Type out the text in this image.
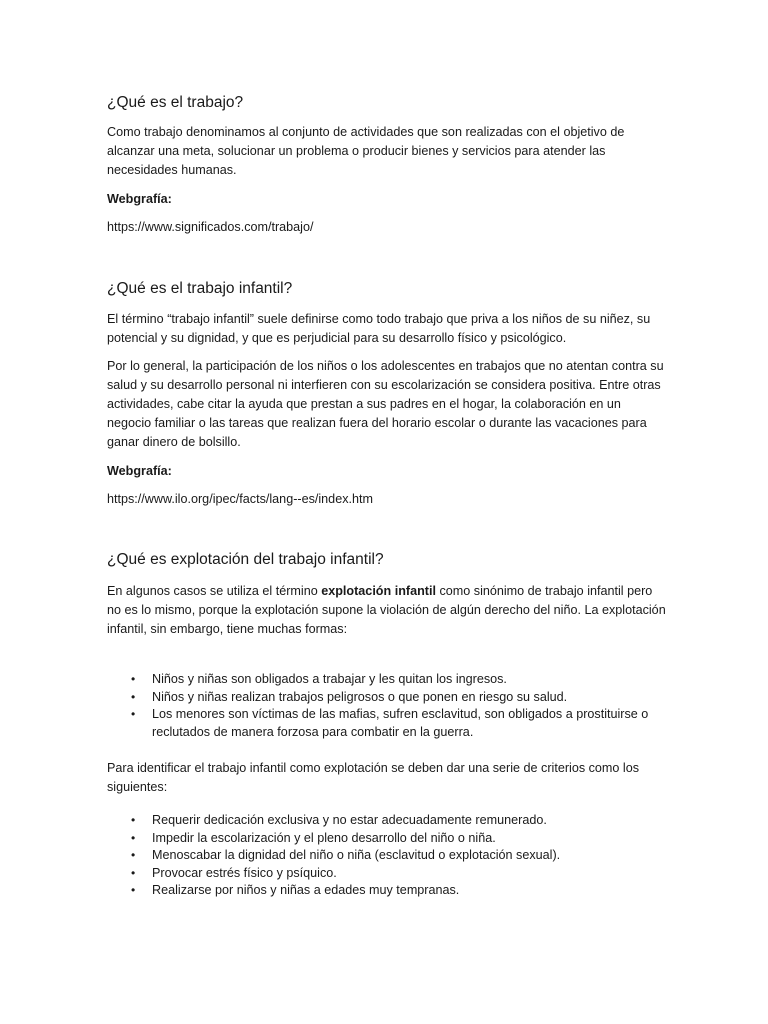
¿Qué es el trabajo?

Como trabajo denominamos al conjunto de actividades que son realizadas con el objetivo de alcanzar una meta, solucionar un problema o producir bienes y servicios para atender las necesidades humanas.

Webgrafía:

https://www.significados.com/trabajo/
¿Qué es el trabajo infantil?

El término “trabajo infantil” suele definirse como todo trabajo que priva a los niños de su niñez, su potencial y su dignidad, y que es perjudicial para su desarrollo físico y psicológico.

Por lo general, la participación de los niños o los adolescentes en trabajos que no atentan contra su salud y su desarrollo personal ni interfieren con su escolarización se considera positiva. Entre otras actividades, cabe citar la ayuda que prestan a sus padres en el hogar, la colaboración en un negocio familiar o las tareas que realizan fuera del horario escolar o durante las vacaciones para ganar dinero de bolsillo.

Webgrafía:

https://www.ilo.org/ipec/facts/lang--es/index.htm
¿Qué es explotación del trabajo infantil?

En algunos casos se utiliza el término explotación infantil como sinónimo de trabajo infantil pero no es lo mismo, porque la explotación supone la violación de algún derecho del niño. La explotación infantil, sin embargo, tiene muchas formas:

• Niños y niñas son obligados a trabajar y les quitan los ingresos.
• Niños y niñas realizan trabajos peligrosos o que ponen en riesgo su salud.
• Los menores son víctimas de las mafias, sufren esclavitud, son obligados a prostituirse o reclutados de manera forzosa para combatir en la guerra.

Para identificar el trabajo infantil como explotación se deben dar una serie de criterios como los siguientes:

• Requerir dedicación exclusiva y no estar adecuadamente remunerado.
• Impedir la escolarización y el pleno desarrollo del niño o niña.
• Menoscabar la dignidad del niño o niña (esclavitud o explotación sexual).
• Provocar estrés físico y psíquico.
• Realizarse por niños y niñas a edades muy tempranas.
